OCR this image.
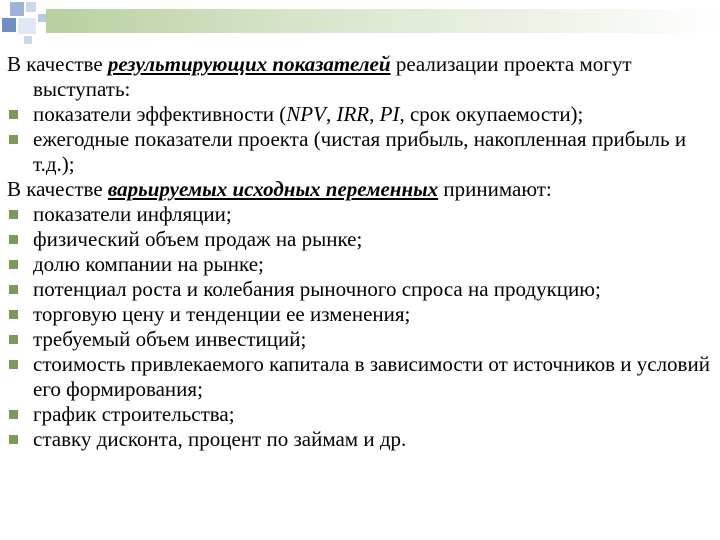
В качестве результирующих показателей реализации проекта могут выступать:
показатели эффективности (NPV, IRR, PI, срок окупаемости);
ежегодные показатели проекта (чистая прибыль, накопленная прибыль и т.д.);
В качестве варьируемых исходных переменных принимают:
показатели инфляции;
физический объем продаж на рынке;
долю компании на рынке;
потенциал роста и колебания рыночного спроса на продукцию;
торговую цену и тенденции ее изменения;
требуемый объем инвестиций;
стоимость привлекаемого капитала в зависимости от источников и условий его формирования;
график строительства;
ставку дисконта, процент по займам и др.
